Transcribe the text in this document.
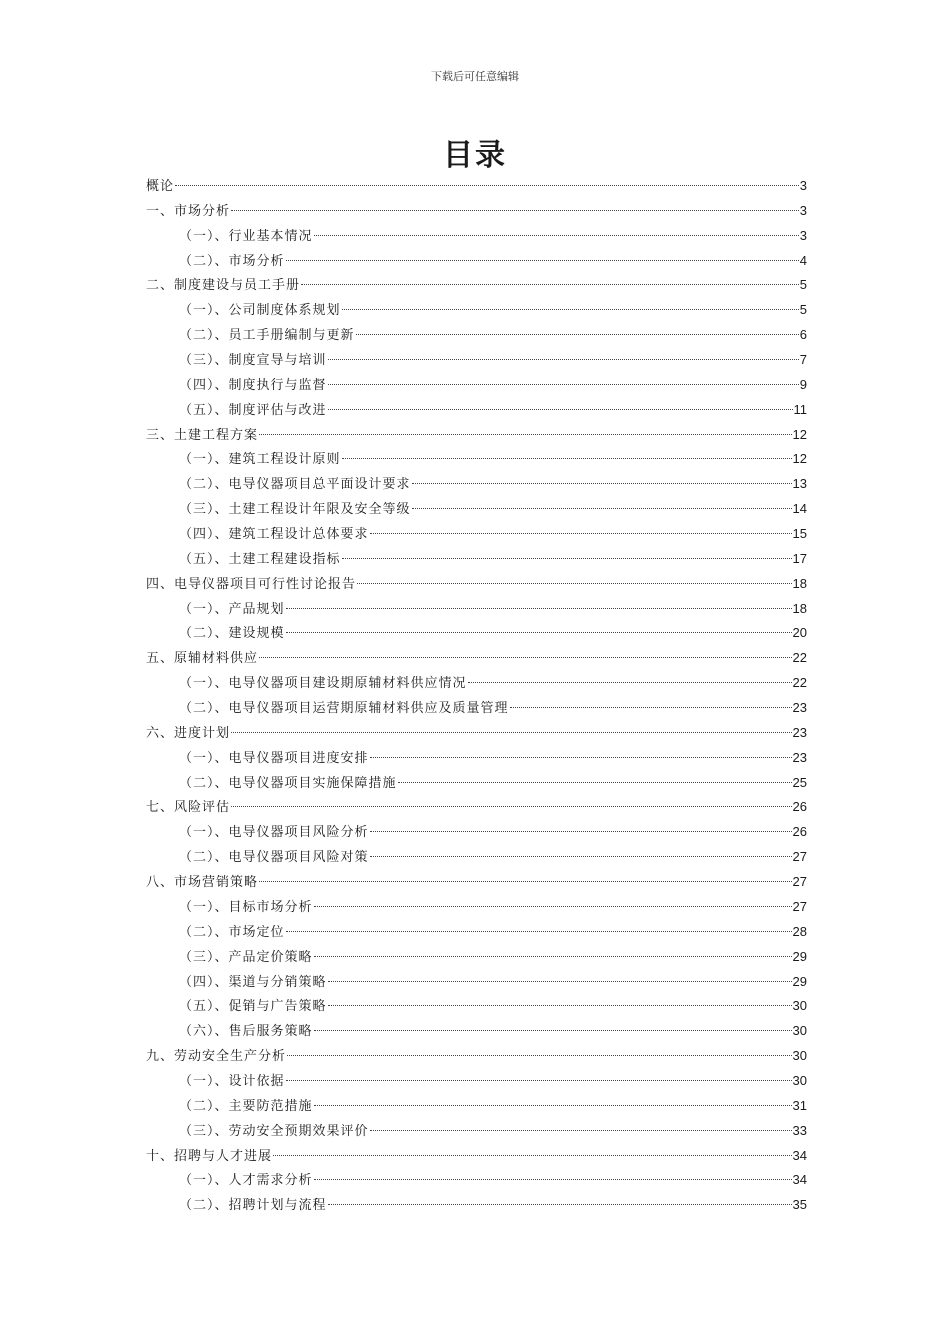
下载后可任意编辑
目录
概论	3
一、市场分析	3
（一）、行业基本情况	3
（二）、市场分析	4
二、制度建设与员工手册	5
（一）、公司制度体系规划	5
（二）、员工手册编制与更新	6
（三）、制度宣导与培训	7
（四）、制度执行与监督	9
（五）、制度评估与改进	11
三、土建工程方案	12
（一）、建筑工程设计原则	12
（二）、电导仪器项目总平面设计要求	13
（三）、土建工程设计年限及安全等级	14
（四）、建筑工程设计总体要求	15
（五）、土建工程建设指标	17
四、电导仪器项目可行性讨论报告	18
（一）、产品规划	18
（二）、建设规模	20
五、原辅材料供应	22
（一）、电导仪器项目建设期原辅材料供应情况	22
（二）、电导仪器项目运营期原辅材料供应及质量管理	23
六、进度计划	23
（一）、电导仪器项目进度安排	23
（二）、电导仪器项目实施保障措施	25
七、风险评估	26
（一）、电导仪器项目风险分析	26
（二）、电导仪器项目风险对策	27
八、市场营销策略	27
（一）、目标市场分析	27
（二）、市场定位	28
（三）、产品定价策略	29
（四）、渠道与分销策略	29
（五）、促销与广告策略	30
（六）、售后服务策略	30
九、劳动安全生产分析	30
（一）、设计依据	30
（二）、主要防范措施	31
（三）、劳动安全预期效果评价	33
十、招聘与人才进展	34
（一）、人才需求分析	34
（二）、招聘计划与流程	35
